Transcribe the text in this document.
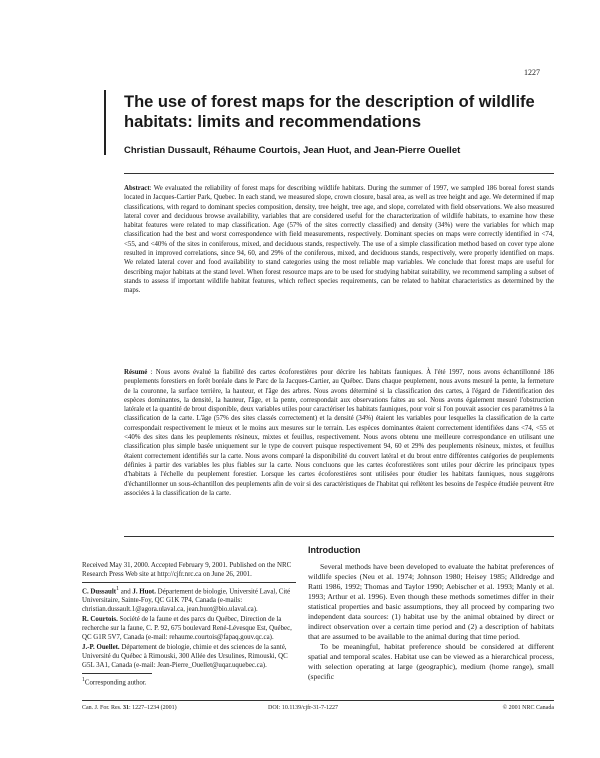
1227
The use of forest maps for the description of wildlife habitats: limits and recommendations

Christian Dussault, Réhaume Courtois, Jean Huot, and Jean-Pierre Ouellet

Abstract: We evaluated the reliability of forest maps for describing wildlife habitats. During the summer of 1997, we sampled 186 boreal forest stands located in Jacques-Cartier Park, Quebec. In each stand, we measured slope, crown closure, basal area, as well as tree height and age. We determined if map classifications, with regard to dominant species composition, density, tree height, tree age, and slope, correlated with field observations. We also measured lateral cover and deciduous browse availability, variables that are considered useful for the characterization of wildlife habitats, to examine how these habitat features were related to map classification. Age (57% of the sites correctly classified) and density (34%) were the variables for which map classification had the best and worst correspondence with field measurements, respectively. Dominant species on maps were correctly identified in <74, <55, and <40% of the sites in coniferous, mixed, and deciduous stands, respectively. The use of a simple classification method based on cover type alone resulted in improved correlations, since 94, 60, and 29% of the coniferous, mixed, and deciduous stands, respectively, were properly identified on maps. We related lateral cover and food availability to stand categories using the most reliable map variables. We conclude that forest maps are useful for describing major habitats at the stand level. When forest resource maps are to be used for studying habitat suitability, we recommend sampling a subset of stands to assess if important wildlife habitat features, which reflect species requirements, can be related to habitat characteristics as determined by the maps.

Résumé : Nous avons évalué la fiabilité des cartes écoforestières pour décrire les habitats fauniques. À l'été 1997, nous avons échantillonné 186 peuplements forestiers en forêt boréale dans le Parc de la Jacques-Cartier, au Québec. Dans chaque peuplement, nous avons mesuré la pente, la fermeture de la couronne, la surface terrière, la hauteur, et l'âge des arbres. Nous avons déterminé si la classification des cartes, à l'égard de l'identification des espèces dominantes, la densité, la hauteur, l'âge, et la pente, correspondait aux observations faites au sol. Nous avons également mesuré l'obstruction latérale et la quantité de brout disponible, deux variables utiles pour caractériser les habitats fauniques, pour voir si l'on pouvait associer ces paramètres à la classification de la carte. L'âge (57% des sites classés correctement) et la densité (34%) étaient les variables pour lesquelles la classification de la carte correspondait respectivement le mieux et le moins aux mesures sur le terrain. Les espèces dominantes étaient correctement identifiées dans <74, <55 et <40% des sites dans les peuplements résineux, mixtes et feuillus, respectivement. Nous avons obtenu une meilleure correspondance en utilisant une classification plus simple basée uniquement sur le type de couvert puisque respectivement 94, 60 et 29% des peuplements résineux, mixtes, et feuillus étaient correctement identifiés sur la carte. Nous avons comparé la disponibilité du couvert latéral et du brout entre différentes catégories de peuplements définies à partir des variables les plus fiables sur la carte. Nous concluons que les cartes écoforestières sont utiles pour décrire les principaux types d'habitats à l'échelle du peuplement forestier. Lorsque les cartes écoforestières sont utilisées pour étudier les habitats fauniques, nous suggérons d'échantillonner un sous-échantillon des peuplements afin de voir si des caractéristiques de l'habitat qui reflètent les besoins de l'espèce étudiée peuvent être associées à la classification de la carte.

Received May 31, 2000. Accepted February 9, 2001. Published on the NRC Research Press Web site at http://cjfr.nrc.ca on June 26, 2001.

C. Dussault$^1$ and J. Huot. Département de biologie, Université Laval, Cité Universitaire, Sainte-Foy, QC G1K 7P4, Canada (e-mails: christian.dussault.1@agora.ulaval.ca, jean.huot@bio.ulaval.ca).

R. Courtois. Société de la faune et des parcs du Québec, Direction de la recherche sur la faune, C. P. 92, 675 boulevard René-Lévesque Est, Québec, QC G1R 5V7, Canada (e-mail: rehaume.courtois@fapaq.gouv.qc.ca).

J.-P. Ouellet. Département de biologie, chimie et des sciences de la santé, Université du Québec à Rimouski, 300 Allée des Ursulines, Rimouski, QC G5L 3A1, Canada (e-mail: Jean-Pierre_Ouellet@uqar.uquebec.ca).

$^1$Corresponding author.

Introduction

Several methods have been developed to evaluate the habitat preferences of wildlife species (Neu et al. 1974; Johnson 1980; Heisey 1985; Alldredge and Ratti 1986, 1992; Thomas and Taylor 1990; Aebischer et al. 1993; Manly et al. 1993; Arthur et al. 1996). Even though these methods sometimes differ in their statistical properties and basic assumptions, they all proceed by comparing two independent data sources: (1) habitat use by the animal obtained by direct or indirect observation over a certain time period and (2) a description of habitats that are assumed to be available to the animal during that time period.

To be meaningful, habitat preference should be considered at different spatial and temporal scales. Habitat use can be viewed as a hierarchical process, with selection operating at large (geographic), medium (home range), small (specific

Can. J. For. Res. 31: 1227–1234 (2001)	DOI: 10.1139/cjfr-31-7-1227	© 2001 NRC Canada
